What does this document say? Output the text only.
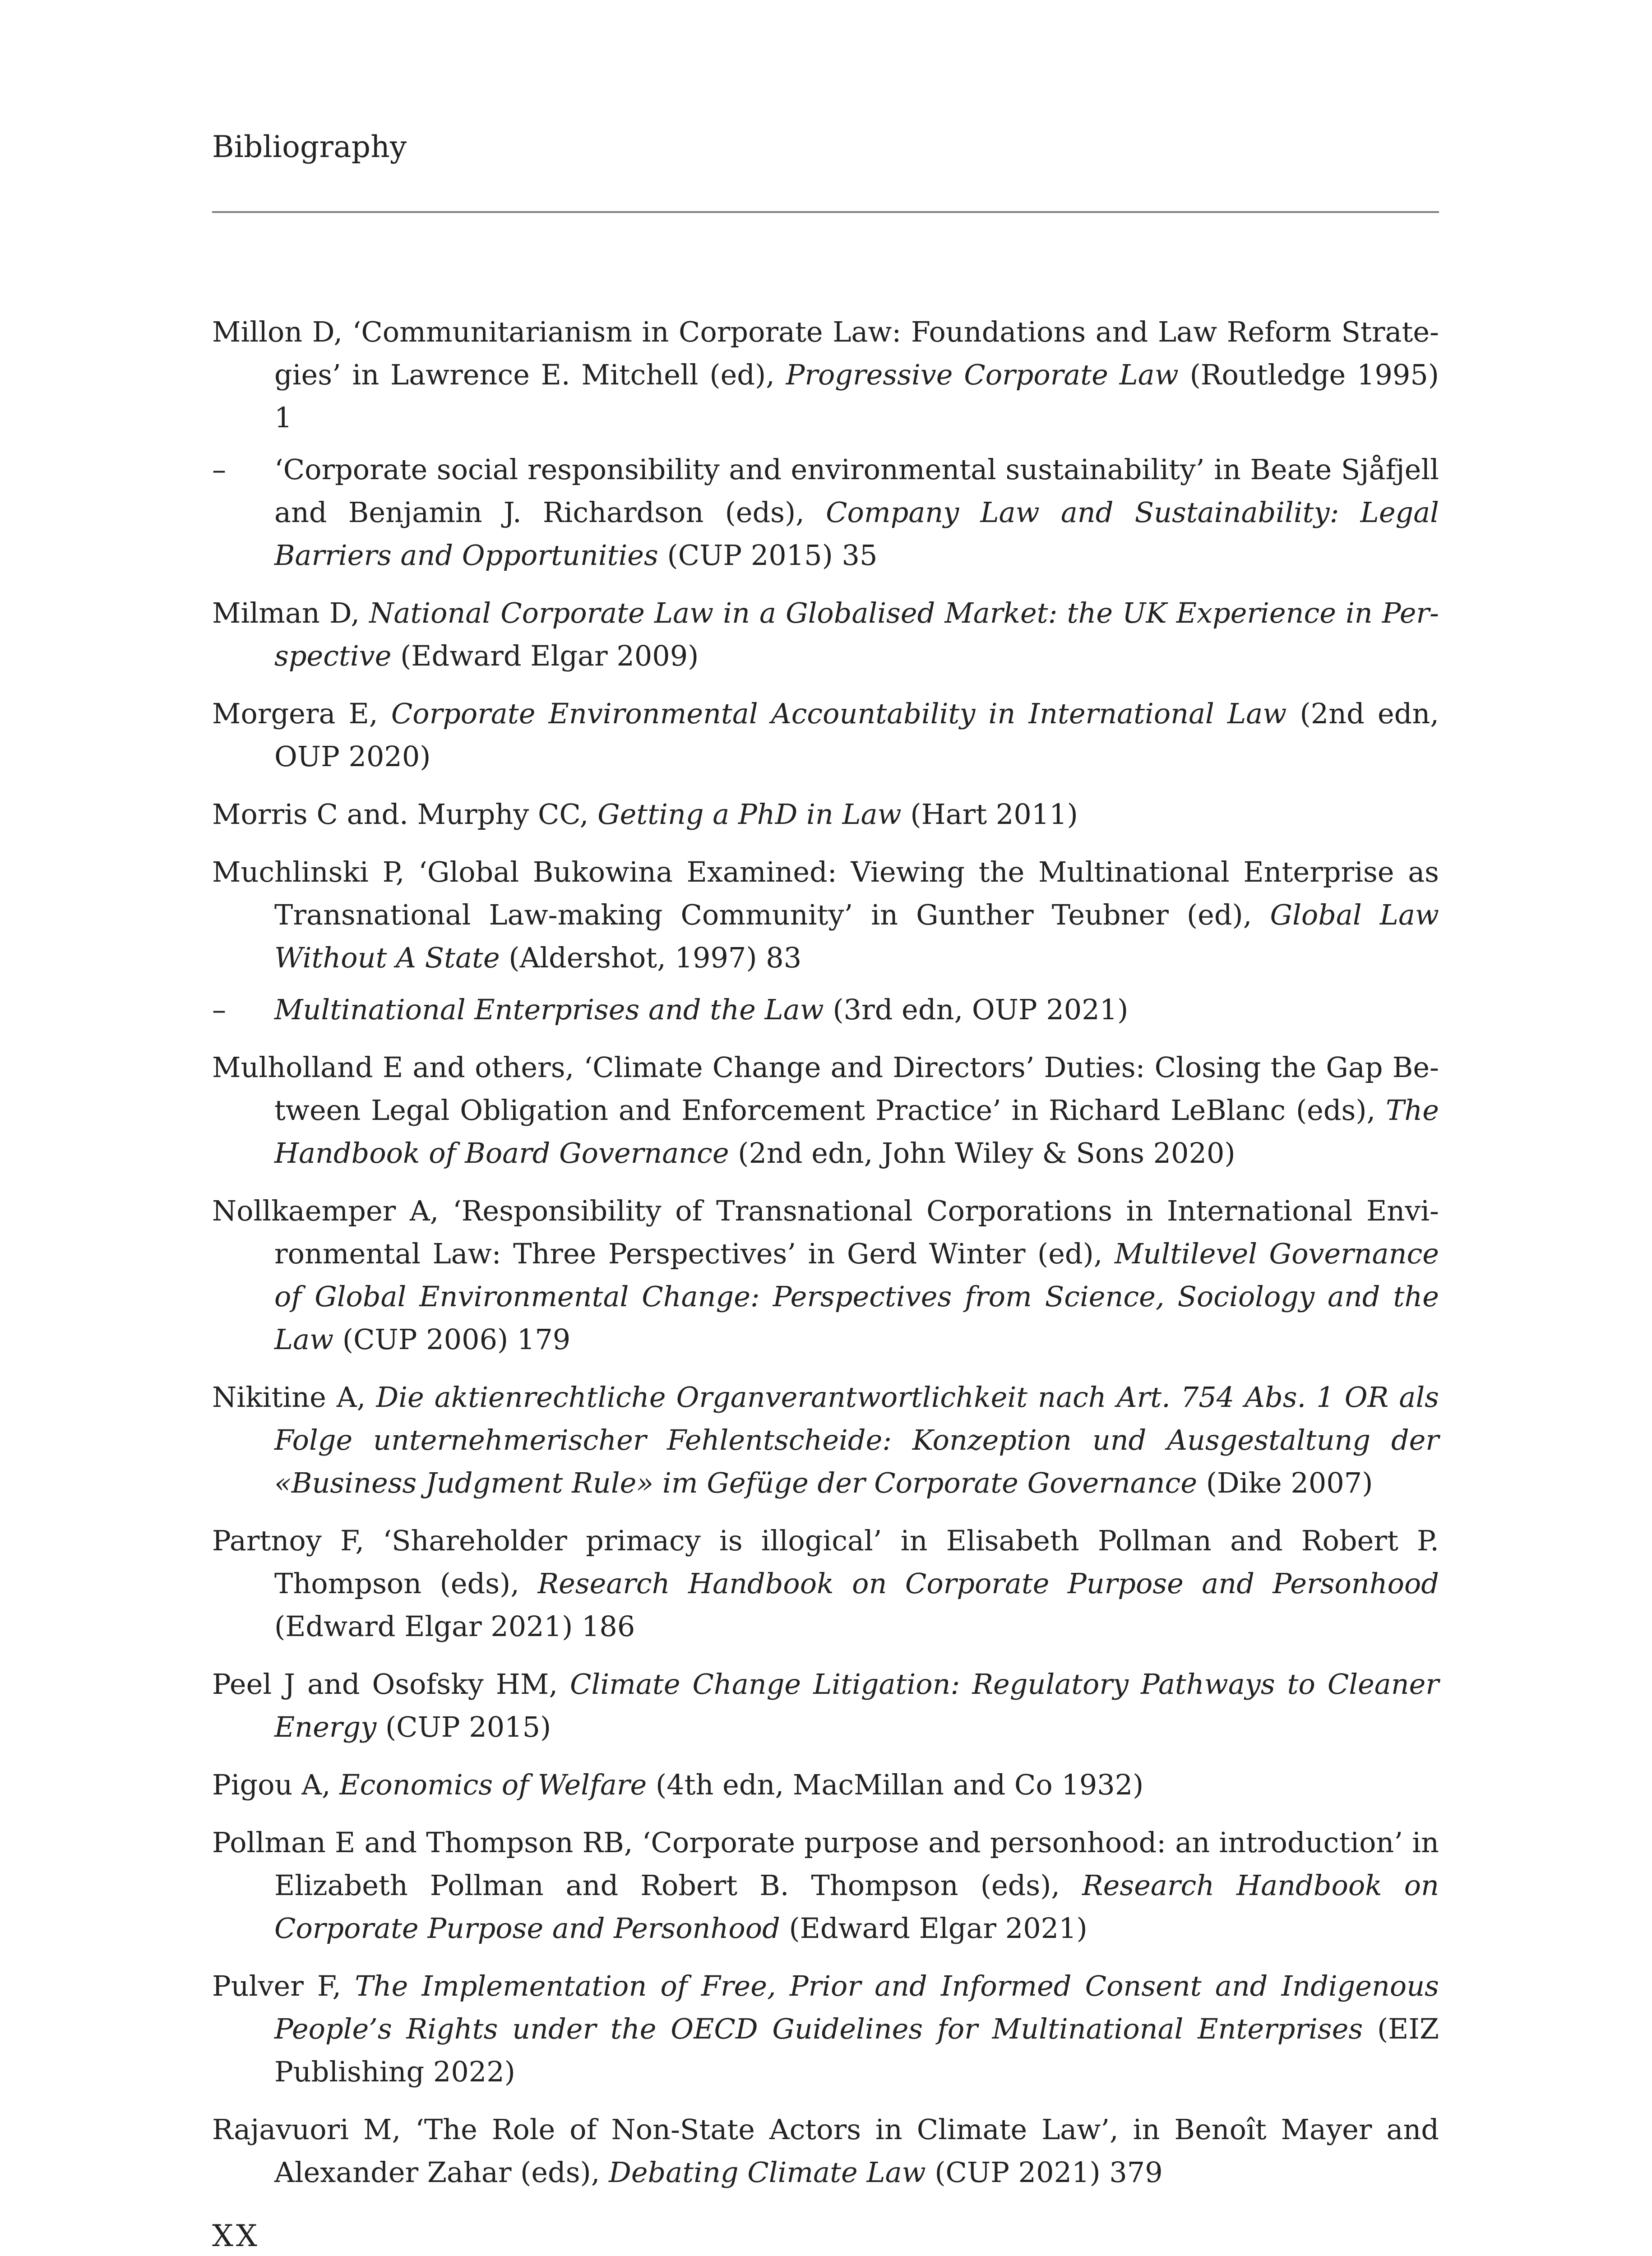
Bibliography

Millon D, ‘Communitarianism in Corporate Law: Foundations and Law Reform Strategies’ in Lawrence E. Mitchell (ed), Progressive Corporate Law (Routledge 1995) 1

– ‘Corporate social responsibility and environmental sustainability’ in Beate Sjåfjell and Benjamin J. Richardson (eds), Company Law and Sustainability: Legal Barriers and Opportunities (CUP 2015) 35

Milman D, National Corporate Law in a Globalised Market: the UK Experience in Perspective (Edward Elgar 2009)

Morgera E, Corporate Environmental Accountability in International Law (2nd edn, OUP 2020)

Morris C and. Murphy CC, Getting a PhD in Law (Hart 2011)

Muchlinski P, ‘Global Bukowina Examined: Viewing the Multinational Enterprise as Transnational Law-making Community’ in Gunther Teubner (ed), Global Law Without A State (Aldershot, 1997) 83

– Multinational Enterprises and the Law (3rd edn, OUP 2021)

Mulholland E and others, ‘Climate Change and Directors’ Duties: Closing the Gap Between Legal Obligation and Enforcement Practice’ in Richard LeBlanc (eds), The Handbook of Board Governance (2nd edn, John Wiley & Sons 2020)

Nollkaemper A, ‘Responsibility of Transnational Corporations in International Environmental Law: Three Perspectives’ in Gerd Winter (ed), Multilevel Governance of Global Environmental Change: Perspectives from Science, Sociology and the Law (CUP 2006) 179

Nikitine A, Die aktienrechtliche Organverantwortlichkeit nach Art. 754 Abs. 1 OR als Folge unternehmerischer Fehlentscheide: Konzeption und Ausgestaltung der «Business Judgment Rule» im Gefüge der Corporate Governance (Dike 2007)

Partnoy F, ‘Shareholder primacy is illogical’ in Elisabeth Pollman and Robert P. Thompson (eds), Research Handbook on Corporate Purpose and Personhood (Edward Elgar 2021) 186

Peel J and Osofsky HM, Climate Change Litigation: Regulatory Pathways to Cleaner Energy (CUP 2015)

Pigou A, Economics of Welfare (4th edn, MacMillan and Co 1932)

Pollman E and Thompson RB, ‘Corporate purpose and personhood: an introduction’ in Elizabeth Pollman and Robert B. Thompson (eds), Research Handbook on Corporate Purpose and Personhood (Edward Elgar 2021)

Pulver F, The Implementation of Free, Prior and Informed Consent and Indigenous People’s Rights under the OECD Guidelines for Multinational Enterprises (EIZ Publishing 2022)

Rajavuori M, ‘The Role of Non-State Actors in Climate Law’, in Benoît Mayer and Alexander Zahar (eds), Debating Climate Law (CUP 2021) 379

XX
